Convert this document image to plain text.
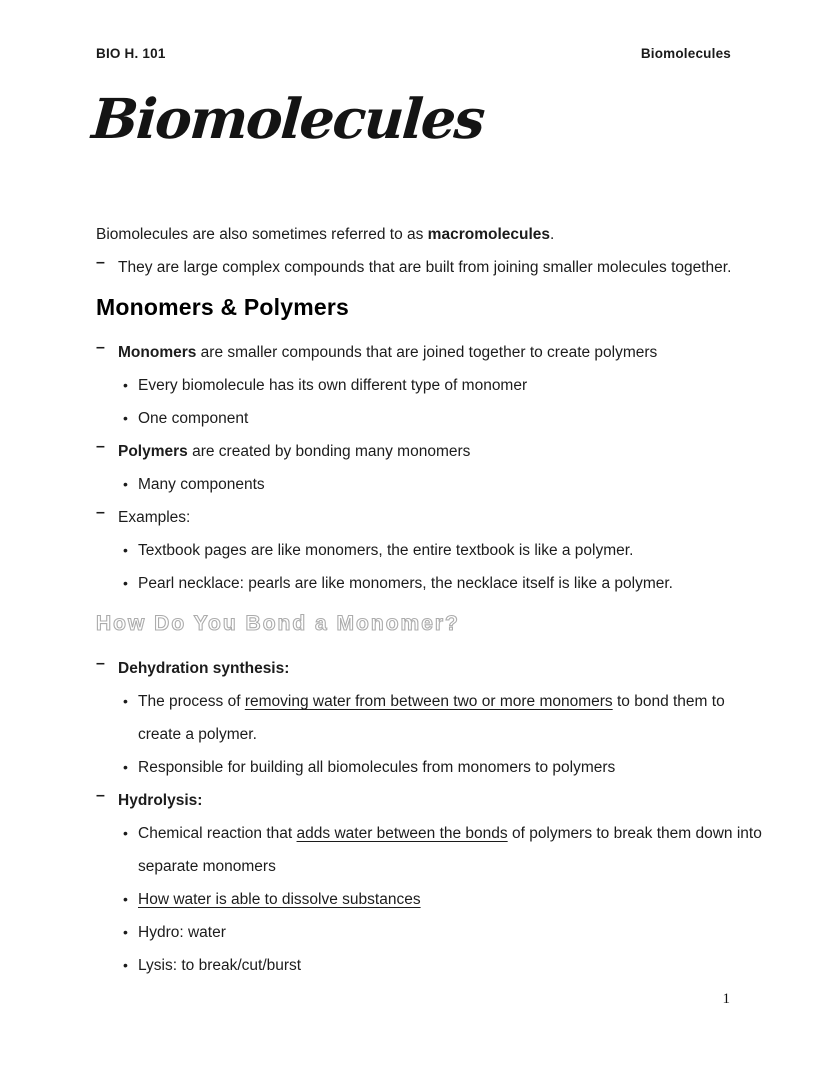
BIO H. 101	Biomolecules
Biomolecules
Biomolecules are also sometimes referred to as macromolecules.
– They are large complex compounds that are built from joining smaller molecules together.
Monomers & Polymers
– Monomers are smaller compounds that are joined together to create polymers
• Every biomolecule has its own different type of monomer
• One component
– Polymers are created by bonding many monomers
• Many components
– Examples:
• Textbook pages are like monomers, the entire textbook is like a polymer.
• Pearl necklace: pearls are like monomers, the necklace itself is like a polymer.
How Do You Bond a Monomer?
– Dehydration synthesis:
• The process of removing water from between two or more monomers to bond them to
create a polymer.
• Responsible for building all biomolecules from monomers to polymers
– Hydrolysis:
• Chemical reaction that adds water between the bonds of polymers to break them down into
separate monomers
• How water is able to dissolve substances
• Hydro: water
• Lysis: to break/cut/burst
1
